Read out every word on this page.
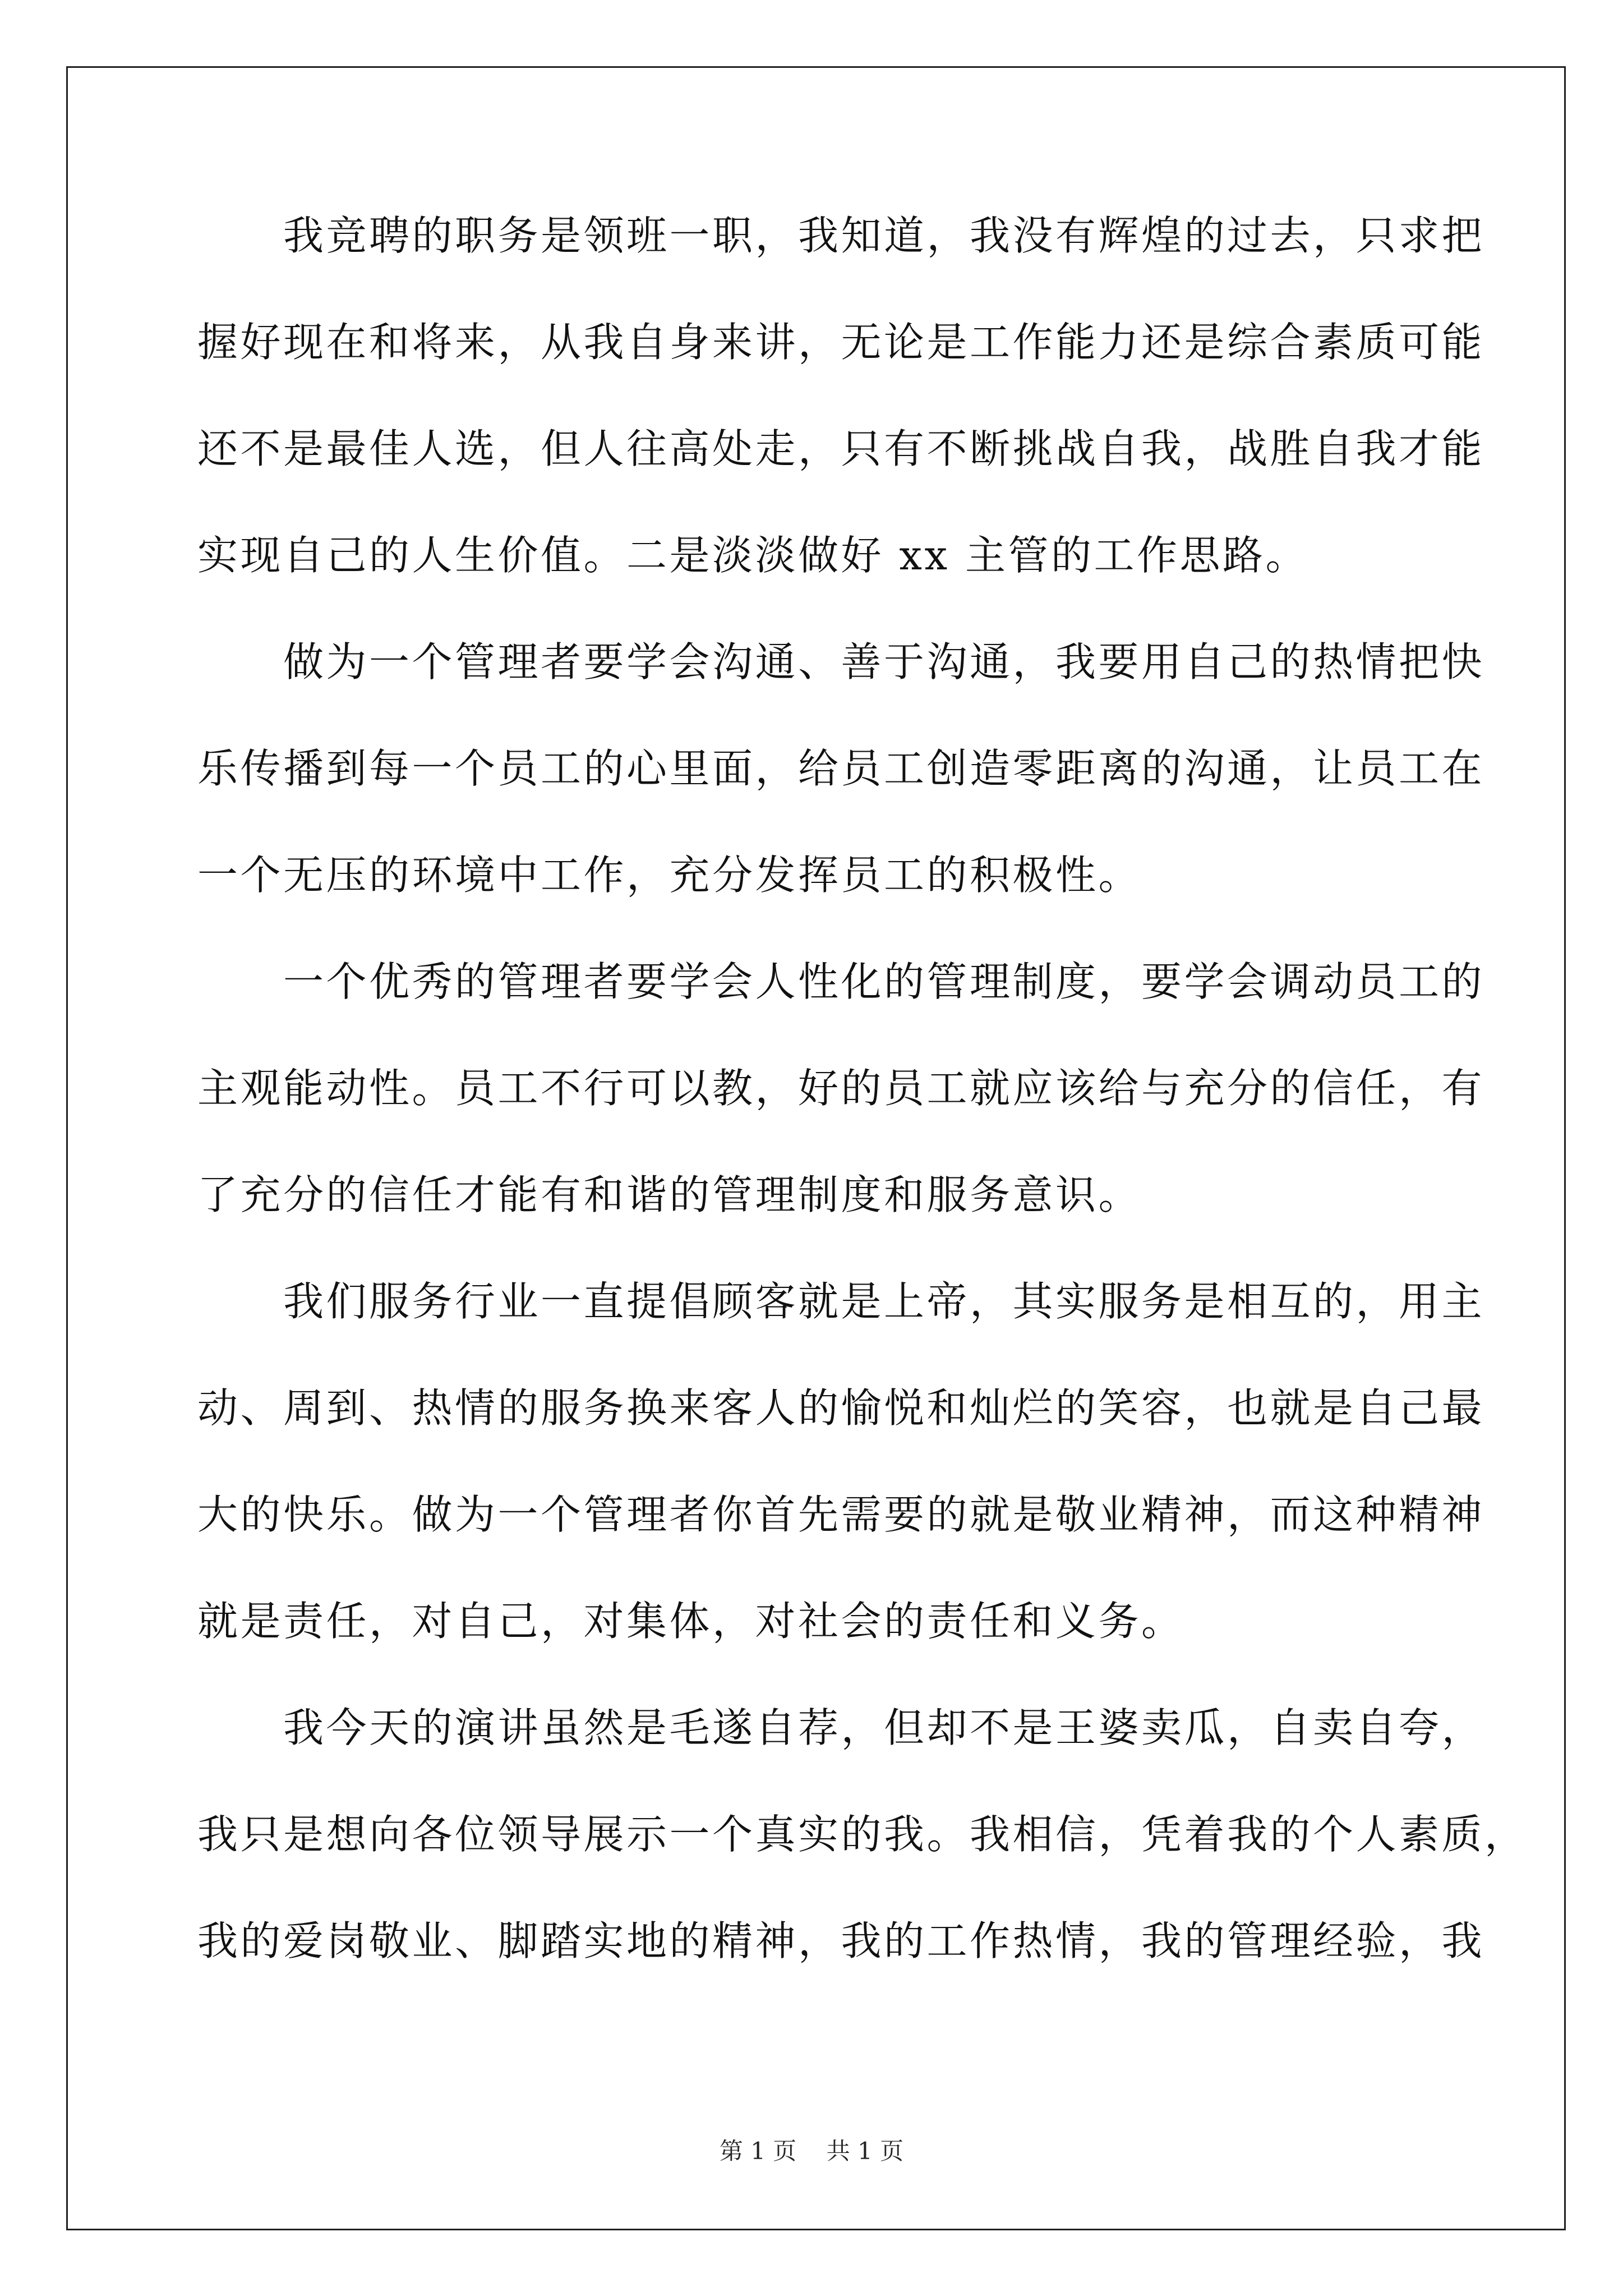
　　我竞聘的职务是领班一职，我知道，我没有辉煌的过去，只求把
握好现在和将来，从我自身来讲，无论是工作能力还是综合素质可能
还不是最佳人选，但人往高处走，只有不断挑战自我，战胜自我才能
实现自己的人生价值。二是淡淡做好 xx 主管的工作思路。
　　做为一个管理者要学会沟通、善于沟通，我要用自己的热情把快
乐传播到每一个员工的心里面，给员工创造零距离的沟通，让员工在
一个无压的环境中工作，充分发挥员工的积极性。
　　一个优秀的管理者要学会人性化的管理制度，要学会调动员工的
主观能动性。员工不行可以教，好的员工就应该给与充分的信任，有
了充分的信任才能有和谐的管理制度和服务意识。
　　我们服务行业一直提倡顾客就是上帝，其实服务是相互的，用主
动、周到、热情的服务换来客人的愉悦和灿烂的笑容，也就是自己最
大的快乐。做为一个管理者你首先需要的就是敬业精神，而这种精神
就是责任，对自己，对集体，对社会的责任和义务。
　　我今天的演讲虽然是毛遂自荐，但却不是王婆卖瓜，自卖自夸，
我只是想向各位领导展示一个真实的我。我相信，凭着我的个人素质，
我的爱岗敬业、脚踏实地的精神，我的工作热情，我的管理经验，我
第 1 页    共 1 页
